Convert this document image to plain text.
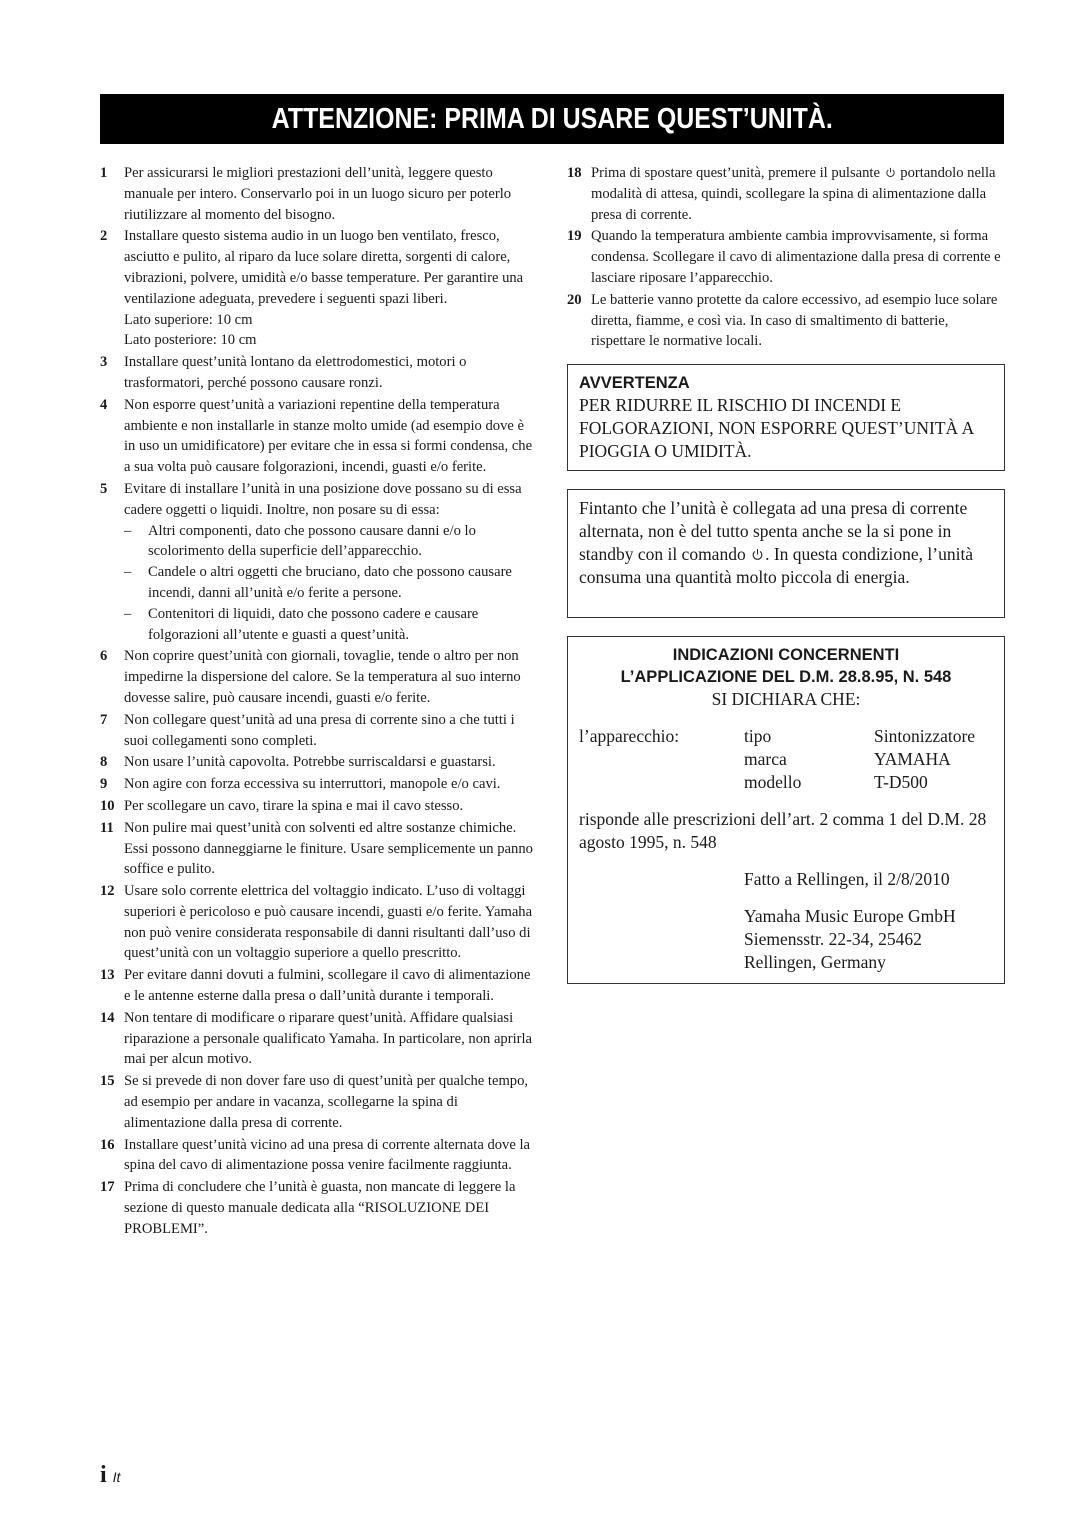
ATTENZIONE: PRIMA DI USARE QUEST’UNITÀ.
1	Per assicurarsi le migliori prestazioni dell’unità, leggere questo manuale per intero. Conservarlo poi in un luogo sicuro per poterlo riutilizzare al momento del bisogno.
2	Installare questo sistema audio in un luogo ben ventilato, fresco, asciutto e pulito, al riparo da luce solare diretta, sorgenti di calore, vibrazioni, polvere, umidità e/o basse temperature. Per garantire una ventilazione adeguata, prevedere i seguenti spazi liberi.
Lato superiore: 10 cm
Lato posteriore: 10 cm
3	Installare quest’unità lontano da elettrodomestici, motori o trasformatori, perché possono causare ronzi.
4	Non esporre quest’unità a variazioni repentine della temperatura ambiente e non installarle in stanze molto umide (ad esempio dove è in uso un umidificatore) per evitare che in essa si formi condensa, che a sua volta può causare folgorazioni, incendi, guasti e/o ferite.
5	Evitare di installare l’unità in una posizione dove possano su di essa cadere oggetti o liquidi. Inoltre, non posare su di essa:
–	Altri componenti, dato che possono causare danni e/o lo scolorimento della superficie dell’apparecchio.
–	Candele o altri oggetti che bruciano, dato che possono causare incendi, danni all’unità e/o ferite a persone.
–	Contenitori di liquidi, dato che possono cadere e causare folgorazioni all’utente e guasti a quest’unità.
6	Non coprire quest’unità con giornali, tovaglie, tende o altro per non impedirne la dispersione del calore. Se la temperatura al suo interno dovesse salire, può causare incendi, guasti e/o ferite.
7	Non collegare quest’unità ad una presa di corrente sino a che tutti i suoi collegamenti sono completi.
8	Non usare l’unità capovolta. Potrebbe surriscaldarsi e guastarsi.
9	Non agire con forza eccessiva su interruttori, manopole e/o cavi.
10 Per scollegare un cavo, tirare la spina e mai il cavo stesso.
11 Non pulire mai quest’unità con solventi ed altre sostanze chimiche. Essi possono danneggiarne le finiture. Usare semplicemente un panno soffice e pulito.
12 Usare solo corrente elettrica del voltaggio indicato. L’uso di voltaggi superiori è pericoloso e può causare incendi, guasti e/o ferite. Yamaha non può venire considerata responsabile di danni risultanti dall’uso di quest’unità con un voltaggio superiore a quello prescritto.
13 Per evitare danni dovuti a fulmini, scollegare il cavo di alimentazione e le antenne esterne dalla presa o dall’unità durante i temporali.
14 Non tentare di modificare o riparare quest’unità. Affidare qualsiasi riparazione a personale qualificato Yamaha. In particolare, non aprirla mai per alcun motivo.
15 Se si prevede di non dover fare uso di quest’unità per qualche tempo, ad esempio per andare in vacanza, scollegarne la spina di alimentazione dalla presa di corrente.
16 Installare quest’unità vicino ad una presa di corrente alternata dove la spina del cavo di alimentazione possa venire facilmente raggiunta.
17 Prima di concludere che l’unità è guasta, non mancate di leggere la sezione di questo manuale dedicata alla “RISOLUZIONE DEI PROBLEMI”.
18 Prima di spostare quest’unità, premere il pulsante portandolo nella modalità di attesa, quindi, scollegare la spina di alimentazione dalla presa di corrente.
19 Quando la temperatura ambiente cambia improvvisamente, si forma condensa. Scollegare il cavo di alimentazione dalla presa di corrente e lasciare riposare l’apparecchio.
20 Le batterie vanno protette da calore eccessivo, ad esempio luce solare diretta, fiamme, e così via. In caso di smaltimento di batterie, rispettare le normative locali.
AVVERTENZA
PER RIDURRE IL RISCHIO DI INCENDI E FOLGORAZIONI, NON ESPORRE QUEST’UNITÀ A PIOGGIA O UMIDITÀ.
Fintanto che l’unità è collegata ad una presa di corrente alternata, non è del tutto spenta anche se la si pone in standby con il comando . In questa condizione, l’unità consuma una quantità molto piccola di energia.
INDICAZIONI CONCERNENTI
L’APPLICAZIONE DEL D.M. 28.8.95, N. 548
SI DICHIARA CHE:
l’apparecchio:	tipo	Sintonizzatore
marca	YAMAHA
modello	T-D500
risponde alle prescrizioni dell’art. 2 comma 1 del D.M. 28 agosto 1995, n. 548
Fatto a Rellingen, il 2/8/2010
Yamaha Music Europe GmbH
Siemensstr. 22-34, 25462
Rellingen, Germany
i It
